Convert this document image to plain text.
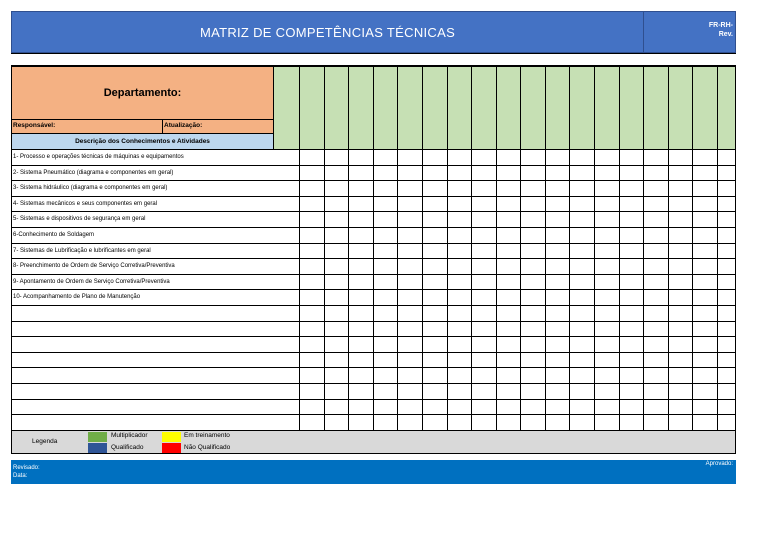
MATRIZ DE COMPETÊNCIAS TÉCNICAS	FR-RH-
Rev.
Departamento:
Responsável:	Atualização:
Descrição dos Conhecimentos e Atividades
1- Processo e operações técnicas de máquinas e equipamentos
2- Sistema Pneumático (diagrama e componentes em geral)
3- Sistema hidráulico (diagrama e componentes em geral)
4- Sistemas mecânicos e seus componentes em geral
5- Sistemas e dispositivos de segurança em geral
6-Conhecimento de Soldagem
7- Sistemas de Lubrificação e lubrificantes em geral
8- Preenchimento de Ordem de Serviço Corretiva/Preventiva
9- Apontamento de Ordem de Serviço Corretiva/Preventiva
10- Acompanhamento de Plano de Manutenção
Legenda
Multiplicador
Qualificado
Em treinamento
Não Qualificado
Revisado:
Data:
Aprovado:
